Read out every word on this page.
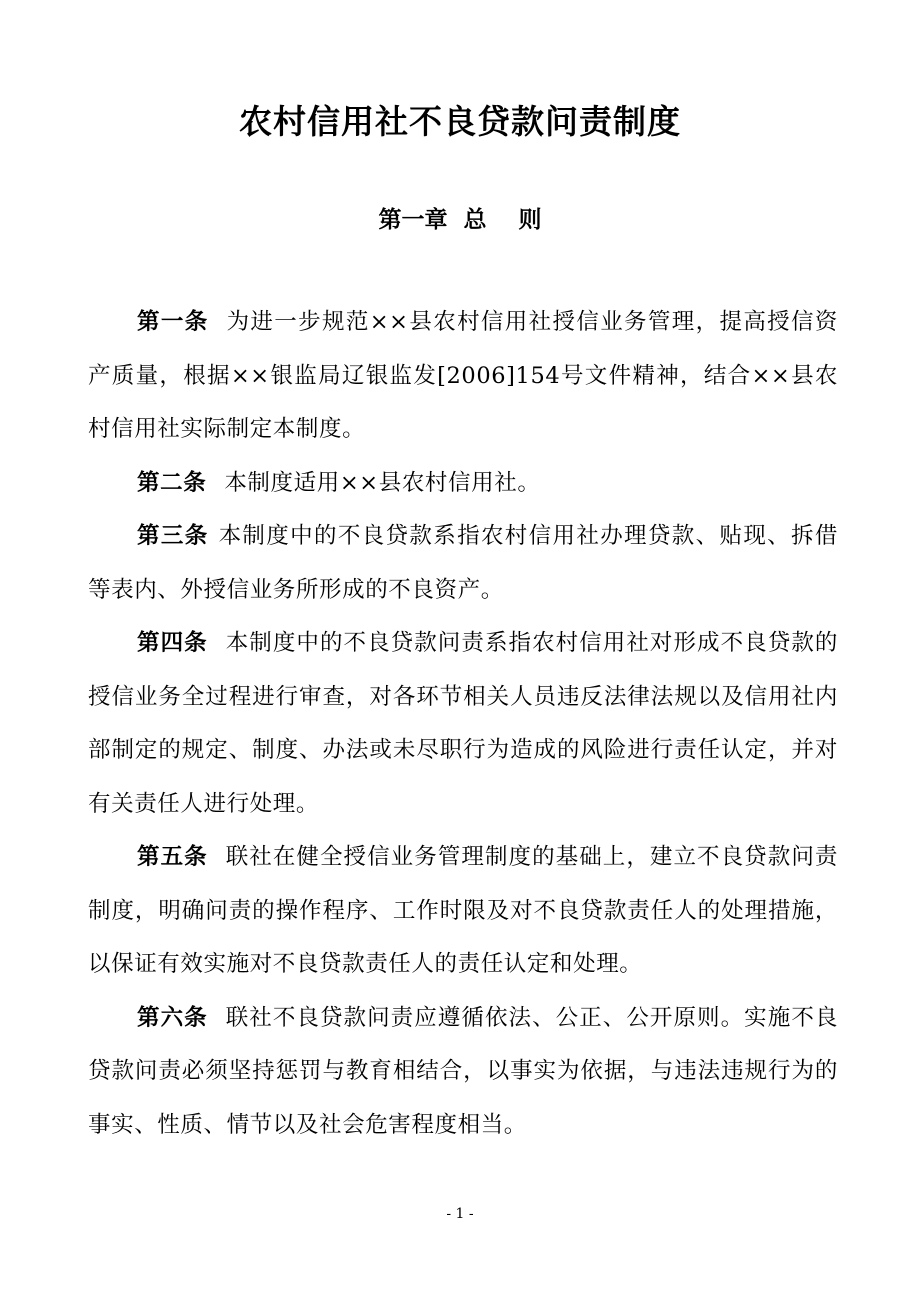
农村信用社不良贷款问责制度
第一章  总    则

第一条 为进一步规范××县农村信用社授信业务管理，提高授信资产质量，根据××银监局辽银监发[2006]154号文件精神，结合××县农村信用社实际制定本制度。

第二条 本制度适用××县农村信用社。

第三条 本制度中的不良贷款系指农村信用社办理贷款、贴现、拆借等表内、外授信业务所形成的不良资产。

第四条 本制度中的不良贷款问责系指农村信用社对形成不良贷款的授信业务全过程进行审查，对各环节相关人员违反法律法规以及信用社内部制定的规定、制度、办法或未尽职行为造成的风险进行责任认定，并对有关责任人进行处理。

第五条 联社在健全授信业务管理制度的基础上，建立不良贷款问责制度，明确问责的操作程序、工作时限及对不良贷款责任人的处理措施，以保证有效实施对不良贷款责任人的责任认定和处理。

第六条 联社不良贷款问责应遵循依法、公正、公开原则。实施不良贷款问责必须坚持惩罚与教育相结合，以事实为依据，与违法违规行为的事实、性质、情节以及社会危害程度相当。

- 1 -
